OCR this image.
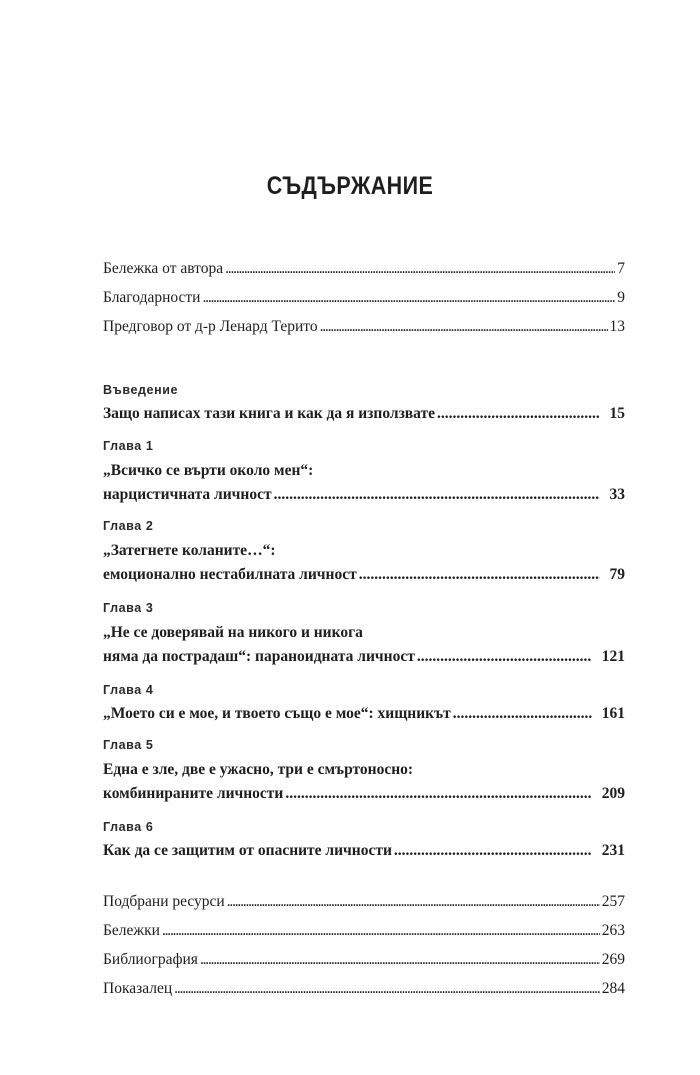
СЪДЪРЖАНИЕ
Бележка от автора .....	7
Благодарности .....	9
Предговор от д-р Ленард Терито .....	13
Въведение
Защо написах тази книга и как да я използвате .....	15
Глава 1
„Всичко се върти около мен“:
нарцистичната личност .....	33
Глава 2
„Затегнете коланите…“:
емоционално нестабилната личност .....	79
Глава 3
„Не се доверявай на никого и никога
няма да пострадаш“: параноидната личност .....	121
Глава 4
„Моето си е мое, и твоето също е мое“: хищникът .....	161
Глава 5
Една е зле, две е ужасно, три е смъртоносно:
комбинираните личности .....	209
Глава 6
Как да се защитим от опасните личности .....	231
Подбрани ресурси .....	257
Бележки .....	263
Библиография .....	269
Показалец .....	284
